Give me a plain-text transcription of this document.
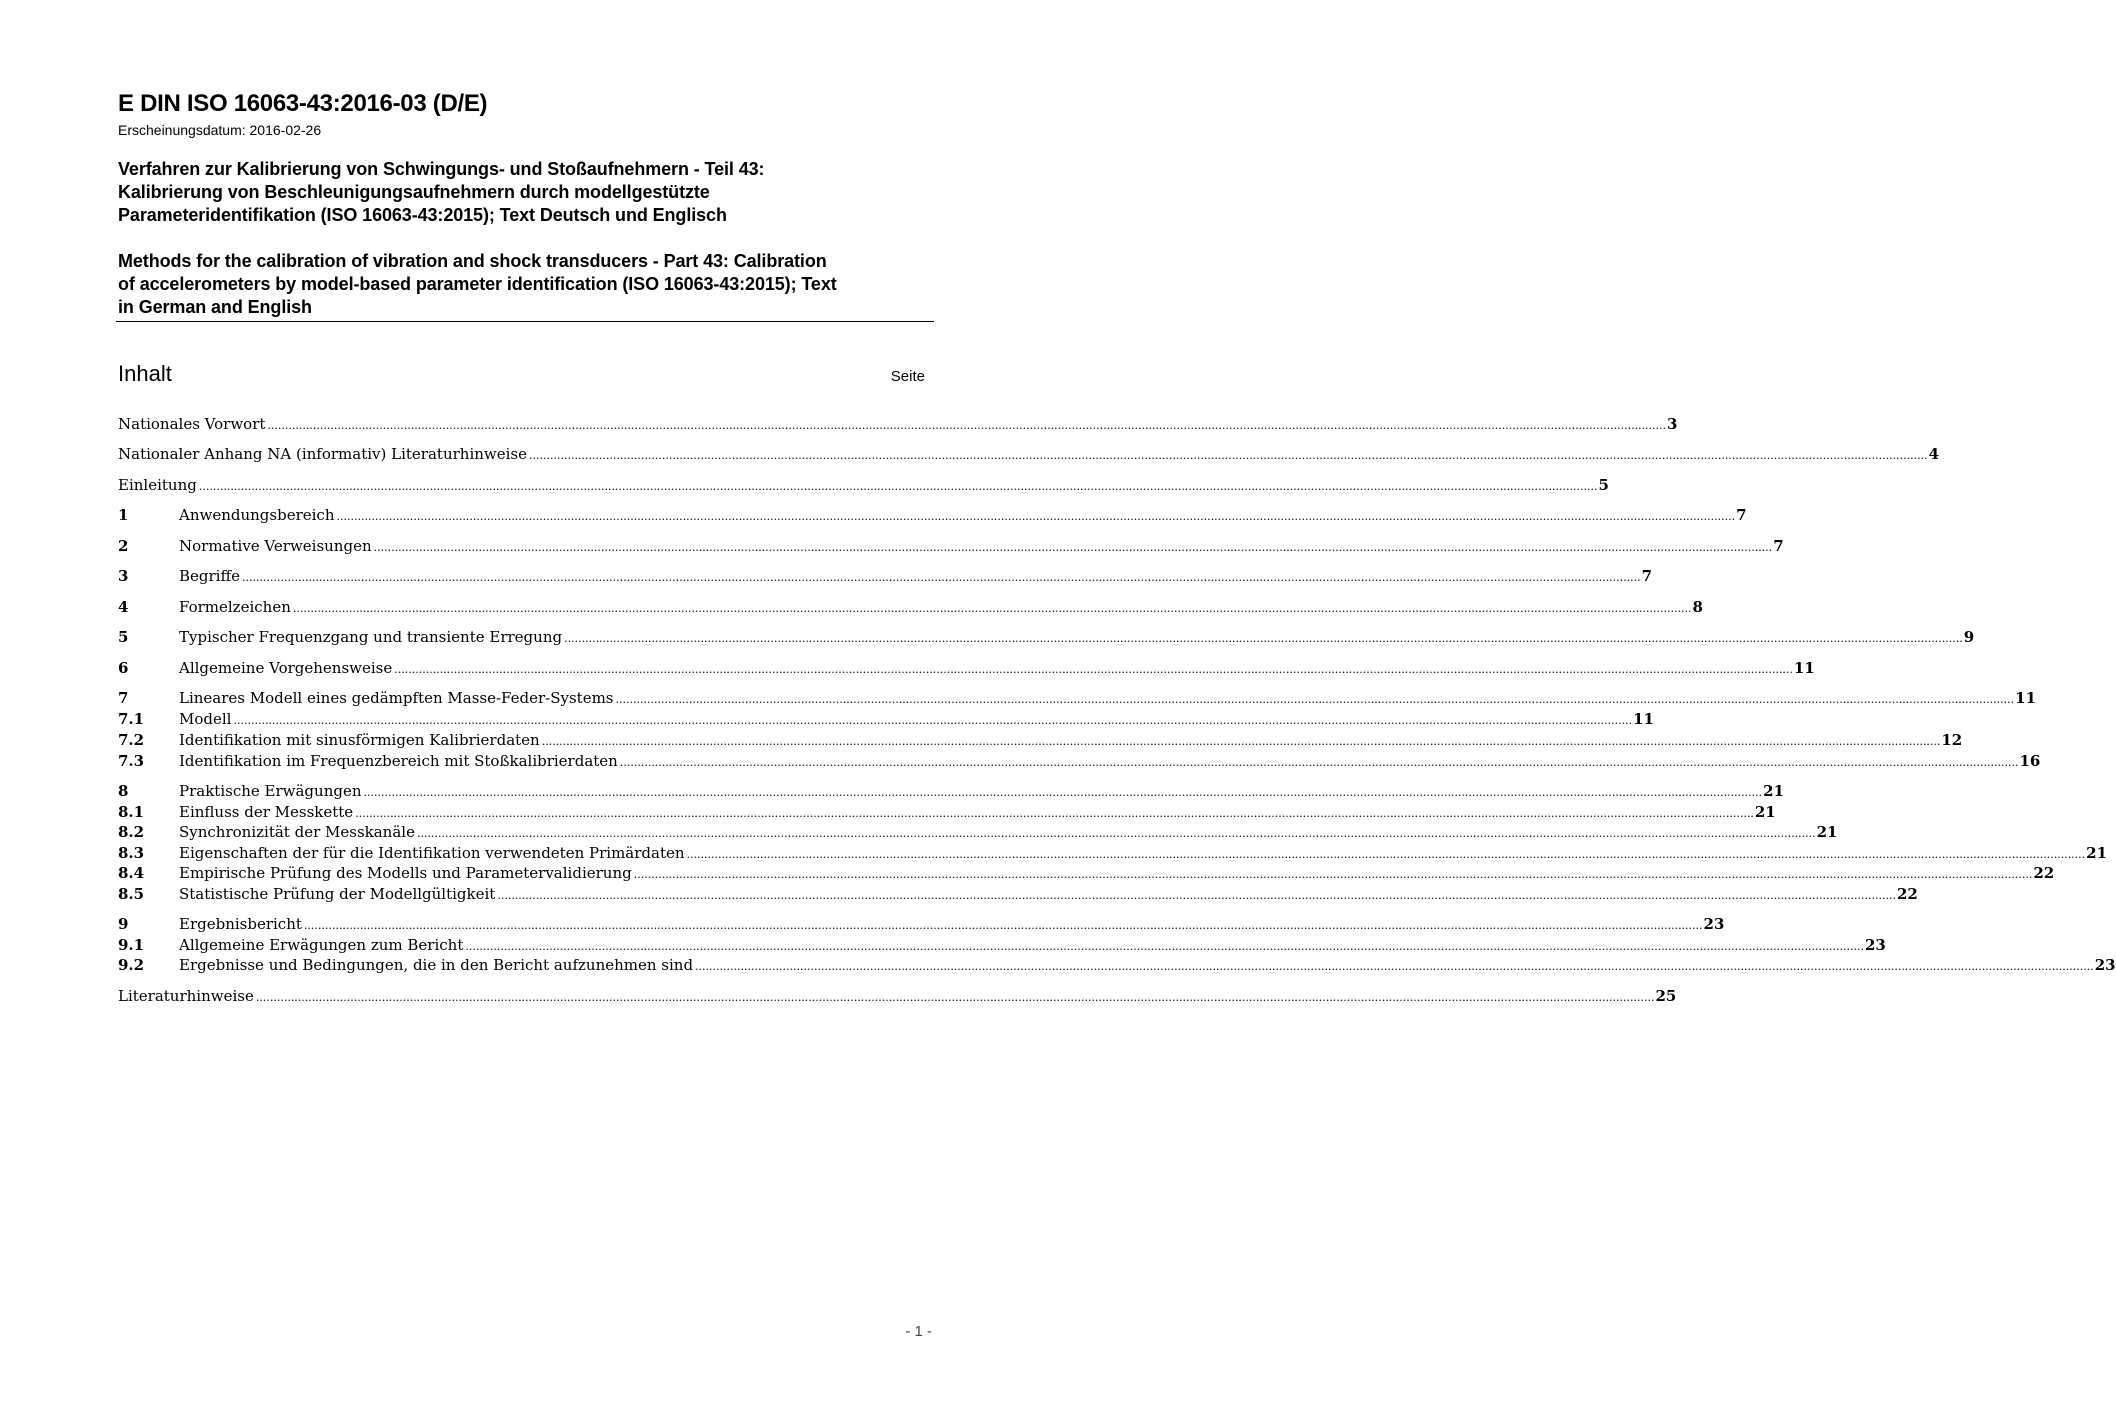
E DIN ISO 16063-43:2016-03 (D/E)
Erscheinungsdatum: 2016-02-26
Verfahren zur Kalibrierung von Schwingungs- und Stoßaufnehmern - Teil 43:
Kalibrierung von Beschleunigungsaufnehmern durch modellgestützte
Parameteridentifikation (ISO 16063-43:2015); Text Deutsch und Englisch
Methods for the calibration of vibration and shock transducers - Part 43: Calibration
of accelerometers by model-based parameter identification (ISO 16063-43:2015); Text
in German and English
Inhalt	Seite
Nationales Vorwort ................................................................................................................................................................................................................................................................................................................................................................................................................ 3
Nationaler Anhang NA (informativ) Literaturhinweise ................................................................................................................................................................................................................................................................................................................................................................................................................ 4
Einleitung ................................................................................................................................................................................................................................................................................................................................................................................................................ 5
1	Anwendungsbereich ................................................................................................................................................................................................................................................................................................................................................................................................................ 7
2	Normative Verweisungen ................................................................................................................................................................................................................................................................................................................................................................................................................ 7
3	Begriffe ................................................................................................................................................................................................................................................................................................................................................................................................................ 7
4	Formelzeichen ................................................................................................................................................................................................................................................................................................................................................................................................................ 8
5	Typischer Frequenzgang und transiente Erregung ................................................................................................................................................................................................................................................................................................................................................................................................................ 9
6	Allgemeine Vorgehensweise ................................................................................................................................................................................................................................................................................................................................................................................................................ 11
7	Lineares Modell eines gedämpften Masse-Feder-Systems ................................................................................................................................................................................................................................................................................................................................................................................................................ 11
7.1	Modell ................................................................................................................................................................................................................................................................................................................................................................................................................ 11
7.2	Identifikation mit sinusförmigen Kalibrierdaten ................................................................................................................................................................................................................................................................................................................................................................................................................ 12
7.3	Identifikation im Frequenzbereich mit Stoßkalibrierdaten ................................................................................................................................................................................................................................................................................................................................................................................................................ 16
8	Praktische Erwägungen ................................................................................................................................................................................................................................................................................................................................................................................................................ 21
8.1	Einfluss der Messkette ................................................................................................................................................................................................................................................................................................................................................................................................................ 21
8.2	Synchronizität der Messkanäle ................................................................................................................................................................................................................................................................................................................................................................................................................ 21
8.3	Eigenschaften der für die Identifikation verwendeten Primärdaten ................................................................................................................................................................................................................................................................................................................................................................................................................ 21
8.4	Empirische Prüfung des Modells und Parametervalidierung ................................................................................................................................................................................................................................................................................................................................................................................................................ 22
8.5	Statistische Prüfung der Modellgültigkeit ................................................................................................................................................................................................................................................................................................................................................................................................................ 22
9	Ergebnisbericht ................................................................................................................................................................................................................................................................................................................................................................................................................ 23
9.1	Allgemeine Erwägungen zum Bericht ................................................................................................................................................................................................................................................................................................................................................................................................................ 23
9.2	Ergebnisse und Bedingungen, die in den Bericht aufzunehmen sind ................................................................................................................................................................................................................................................................................................................................................................................................................ 23
Literaturhinweise ................................................................................................................................................................................................................................................................................................................................................................................................................ 25
- 1 -
